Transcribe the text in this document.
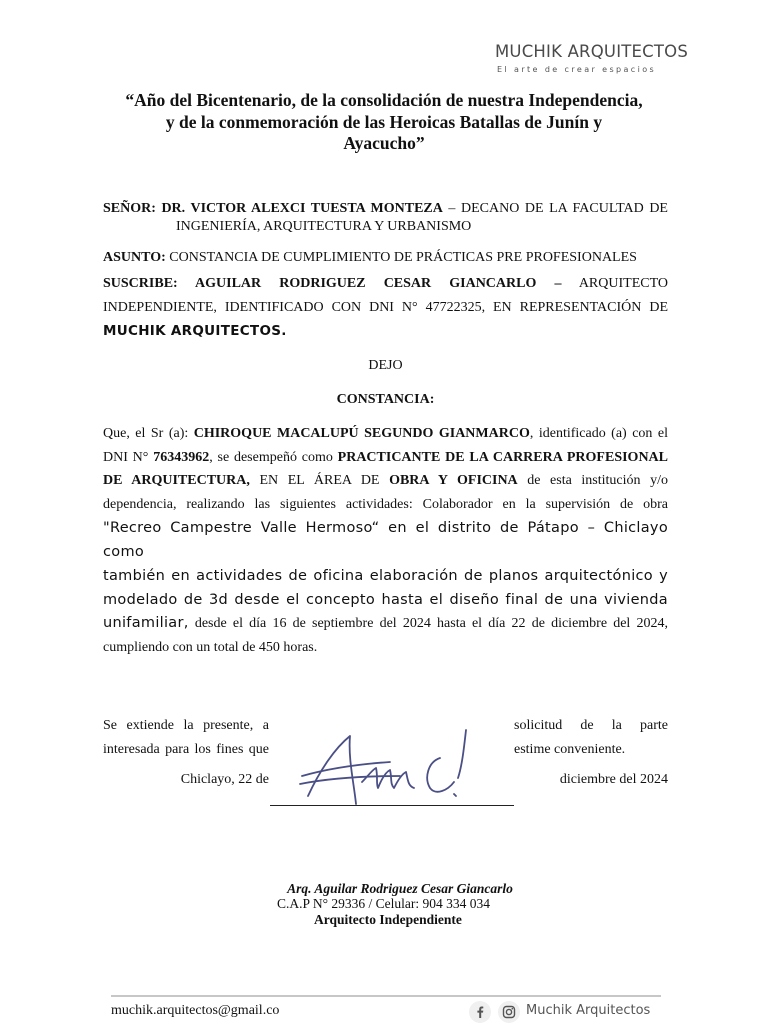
MUCHIK ARQUITECTOS
El arte de crear espacios
“Año del Bicentenario, de la consolidación de nuestra Independencia,
y de la conmemoración de las Heroicas Batallas de Junín y
Ayacucho”
SEÑOR: DR. VICTOR ALEXCI TUESTA MONTEZA – DECANO DE LA FACULTAD DE
INGENIERÍA, ARQUITECTURA Y URBANISMO
ASUNTO: CONSTANCIA DE CUMPLIMIENTO DE PRÁCTICAS PRE PROFESIONALES
SUSCRIBE: AGUILAR RODRIGUEZ CESAR GIANCARLO – ARQUITECTO
INDEPENDIENTE, IDENTIFICADO CON DNI N° 47722325, EN REPRESENTACIÓN DE
MUCHIK ARQUITECTOS.
DEJO
CONSTANCIA:
Que, el Sr (a): CHIROQUE MACALUPÚ SEGUNDO GIANMARCO, identificado (a) con el
DNI N° 76343962, se desempeñó como PRACTICANTE DE LA CARRERA PROFESIONAL
DE ARQUITECTURA, EN EL ÁREA DE OBRA Y OFICINA de esta institución y/o
dependencia, realizando las siguientes actividades: Colaborador en la supervisión de obra
"Recreo Campestre Valle Hermoso“ en el distrito de Pátapo – Chiclayo como
también en actividades de oficina elaboración de planos arquitectónico y
modelado de 3d desde el concepto hasta el diseño final de una vivienda
unifamiliar, desde el día 16 de septiembre del 2024 hasta el día 22 de diciembre del 2024,
cumpliendo con un total de 450 horas.
Se extiende la presente, a
interesada para los fines que
solicitud de la parte
estime conveniente.
Chiclayo, 22 de	diciembre del 2024
Arq. Aguilar Rodriguez Cesar Giancarlo
C.A.P N° 29336 / Celular: 904 334 034
Arquitecto Independiente
muchik.arquitectos@gmail.co	Muchik Arquitectos
